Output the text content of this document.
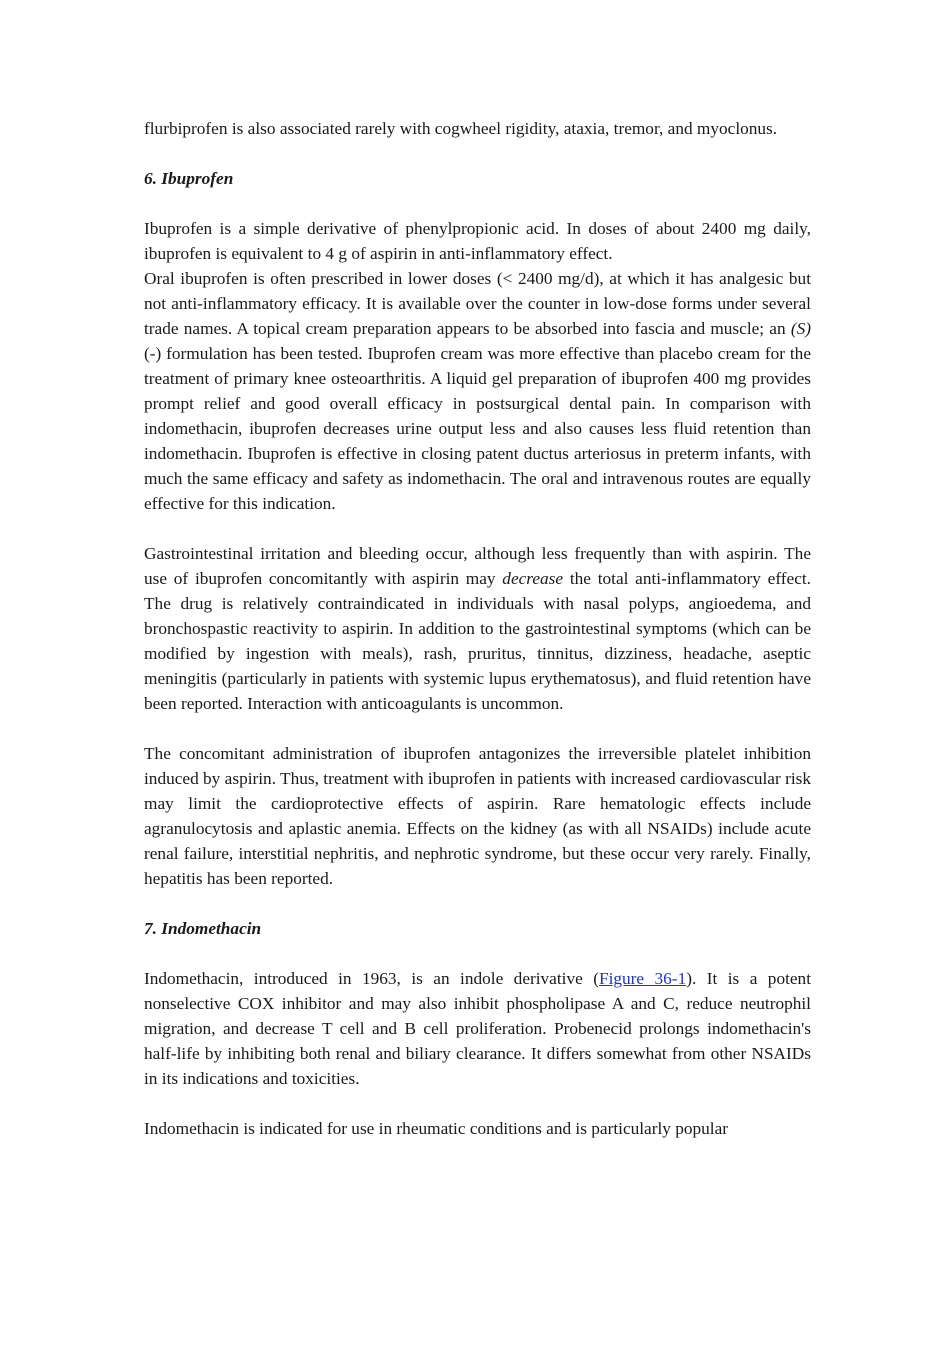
flurbiprofen is also associated rarely with cogwheel rigidity, ataxia, tremor, and myoclonus.

6. Ibuprofen

Ibuprofen is a simple derivative of phenylpropionic acid. In doses of about 2400 mg daily, ibuprofen is equivalent to 4 g of aspirin in anti-inflammatory effect.

Oral ibuprofen is often prescribed in lower doses (< 2400 mg/d), at which it has analgesic but not anti-inflammatory efficacy. It is available over the counter in low-dose forms under several trade names. A topical cream preparation appears to be absorbed into fascia and muscle; an (S)(-) formulation has been tested. Ibuprofen cream was more effective than placebo cream for the treatment of primary knee osteoarthritis. A liquid gel preparation of ibuprofen 400 mg provides prompt relief and good overall efficacy in postsurgical dental pain. In comparison with indomethacin, ibuprofen decreases urine output less and also causes less fluid retention than indomethacin. Ibuprofen is effective in closing patent ductus arteriosus in preterm infants, with much the same efficacy and safety as indomethacin. The oral and intravenous routes are equally effective for this indication.

Gastrointestinal irritation and bleeding occur, although less frequently than with aspirin. The use of ibuprofen concomitantly with aspirin may decrease the total anti-inflammatory effect. The drug is relatively contraindicated in individuals with nasal polyps, angioedema, and bronchospastic reactivity to aspirin. In addition to the gastrointestinal symptoms (which can be modified by ingestion with meals), rash, pruritus, tinnitus, dizziness, headache, aseptic meningitis (particularly in patients with systemic lupus erythematosus), and fluid retention have been reported. Interaction with anticoagulants is uncommon.

The concomitant administration of ibuprofen antagonizes the irreversible platelet inhibition induced by aspirin. Thus, treatment with ibuprofen in patients with increased cardiovascular risk may limit the cardioprotective effects of aspirin. Rare hematologic effects include agranulocytosis and aplastic anemia. Effects on the kidney (as with all NSAIDs) include acute renal failure, interstitial nephritis, and nephrotic syndrome, but these occur very rarely. Finally, hepatitis has been reported.

7. Indomethacin

Indomethacin, introduced in 1963, is an indole derivative (Figure 36-1). It is a potent nonselective COX inhibitor and may also inhibit phospholipase A and C, reduce neutrophil migration, and decrease T cell and B cell proliferation. Probenecid prolongs indomethacin's half-life by inhibiting both renal and biliary clearance. It differs somewhat from other NSAIDs in its indications and toxicities.

Indomethacin is indicated for use in rheumatic conditions and is particularly popular
